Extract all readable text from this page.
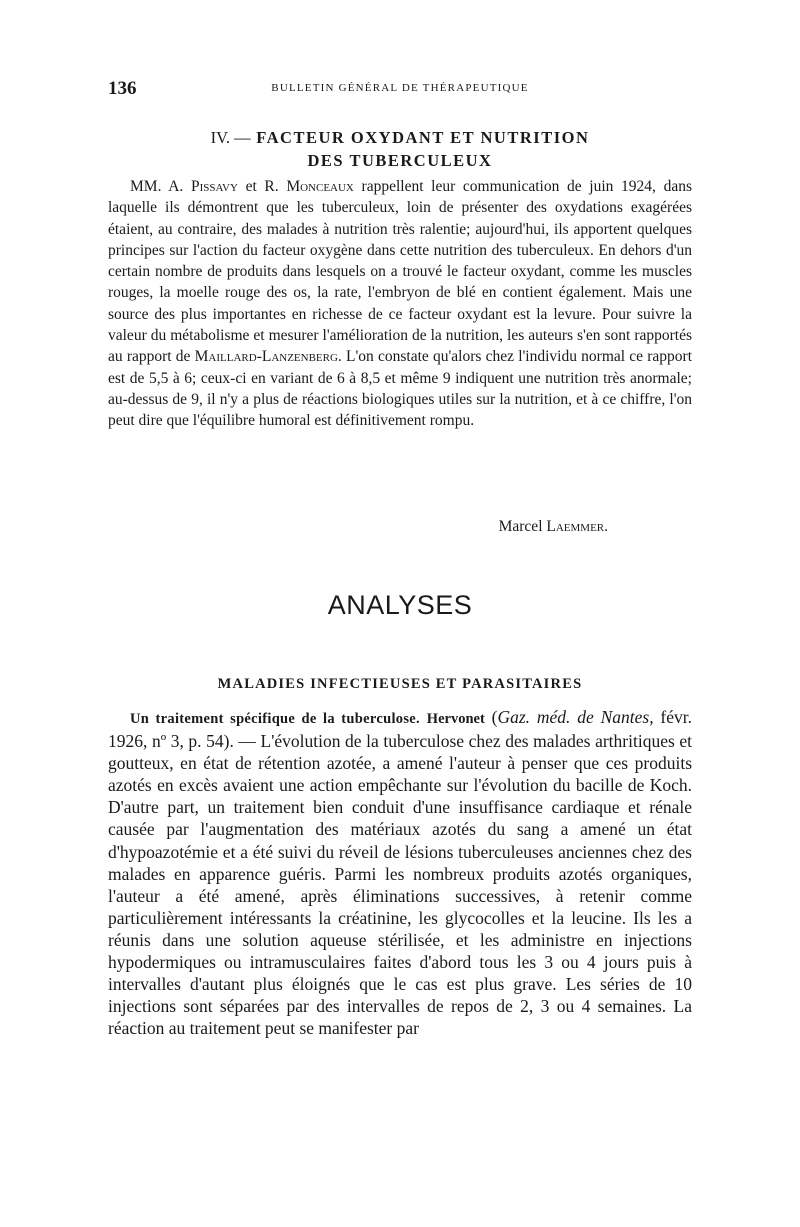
136	BULLETIN GÉNÉRAL DE THÉRAPEUTIQUE
IV. — FACTEUR OXYDANT ET NUTRITION
DES TUBERCULEUX

MM. A. Pissavy et R. Monceaux rappellent leur communication de juin 1924, dans laquelle ils démontrent que les tuberculeux, loin de présenter des oxydations exagérées étaient, au contraire, des malades à nutrition très ralentie; aujourd'hui, ils apportent quelques principes sur l'action du facteur oxygène dans cette nutrition des tuberculeux. En dehors d'un certain nombre de produits dans lesquels on a trouvé le facteur oxydant, comme les muscles rouges, la moelle rouge des os, la rate, l'embryon de blé en contient également. Mais une source des plus importantes en richesse de ce facteur oxydant est la levure. Pour suivre la valeur du métabolisme et mesurer l'amélioration de la nutrition, les auteurs s'en sont rapportés au rapport de Maillard-Lanzenberg. L'on constate qu'alors chez l'individu normal ce rapport est de 5,5 à 6; ceux-ci en variant de 6 à 8,5 et même 9 indiquent une nutrition très anormale; au-dessus de 9, il n'y a plus de réactions biologiques utiles sur la nutrition, et à ce chiffre, l'on peut dire que l'équilibre humoral est définitivement rompu.

Marcel Laemmer.
ANALYSES
MALADIES INFECTIEUSES ET PARASITAIRES

Un traitement spécifique de la tuberculose. Hervonet (Gaz. méd. de Nantes, févr. 1926, nº 3, p. 54). — L'évolution de la tuberculose chez des malades arthritiques et goutteux, en état de rétention azotée, a amené l'auteur à penser que ces produits azotés en excès avaient une action empêchante sur l'évolution du bacille de Koch. D'autre part, un traitement bien conduit d'une insuffisance cardiaque et rénale causée par l'augmentation des matériaux azotés du sang a amené un état d'hypoazotémie et a été suivi du réveil de lésions tuberculeuses anciennes chez des malades en apparence guéris. Parmi les nombreux produits azotés organiques, l'auteur a été amené, après éliminations successives, à retenir comme particulièrement intéressants la créatinine, les glycocolles et la leucine. Ils les a réunis dans une solution aqueuse stérilisée, et les administre en injections hypodermiques ou intramusculaires faites d'abord tous les 3 ou 4 jours puis à intervalles d'autant plus éloignés que le cas est plus grave. Les séries de 10 injections sont séparées par des intervalles de repos de 2, 3 ou 4 semaines. La réaction au traitement peut se manifester par
